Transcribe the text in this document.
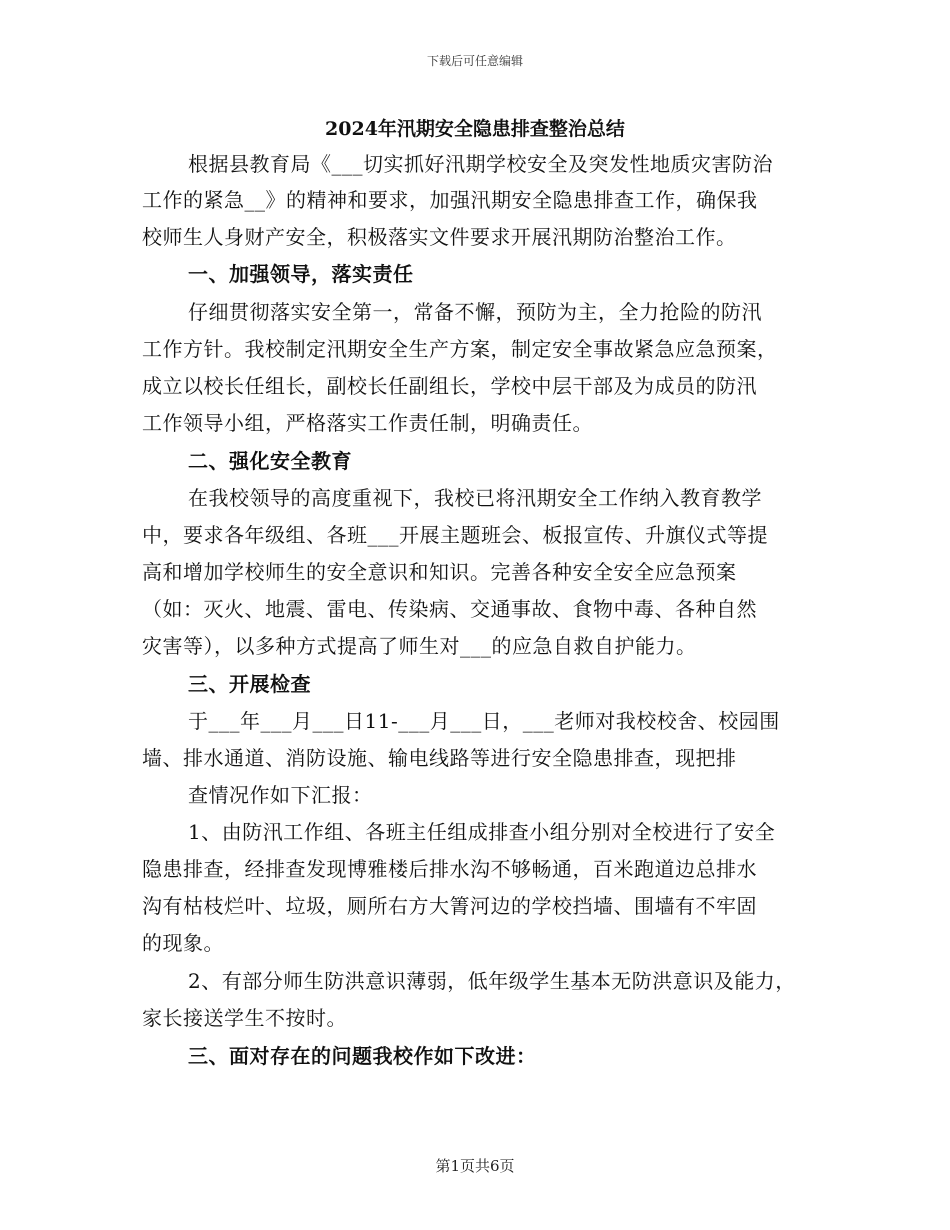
下载后可任意编辑
2024年汛期安全隐患排查整治总结
根据县教育局《___切实抓好汛期学校安全及突发性地质灾害防治
工作的紧急__》的精神和要求，加强汛期安全隐患排查工作，确保我
校师生人身财产安全，积极落实文件要求开展汛期防治整治工作。
一、加强领导，落实责任
仔细贯彻落实安全第一，常备不懈，预防为主，全力抢险的防汛
工作方针。我校制定汛期安全生产方案，制定安全事故紧急应急预案，
成立以校长任组长，副校长任副组长，学校中层干部及为成员的防汛
工作领导小组，严格落实工作责任制，明确责任。
二、强化安全教育
在我校领导的高度重视下，我校已将汛期安全工作纳入教育教学
中，要求各年级组、各班___开展主题班会、板报宣传、升旗仪式等提
高和增加学校师生的安全意识和知识。完善各种安全安全应急预案
（如：灭火、地震、雷电、传染病、交通事故、食物中毒、各种自然
灾害等），以多种方式提高了师生对___的应急自救自护能力。
三、开展检查
于___年___月___日11-___月___日，___老师对我校校舍、校园围
墙、排水通道、消防设施、输电线路等进行安全隐患排查，现把排
查情况作如下汇报：
1、由防汛工作组、各班主任组成排查小组分别对全校进行了安全
隐患排查，经排查发现博雅楼后排水沟不够畅通，百米跑道边总排水
沟有枯枝烂叶、垃圾，厕所右方大箐河边的学校挡墙、围墙有不牢固
的现象。
2、有部分师生防洪意识薄弱，低年级学生基本无防洪意识及能力，
家长接送学生不按时。
三、面对存在的问题我校作如下改进：
第1页共6页
